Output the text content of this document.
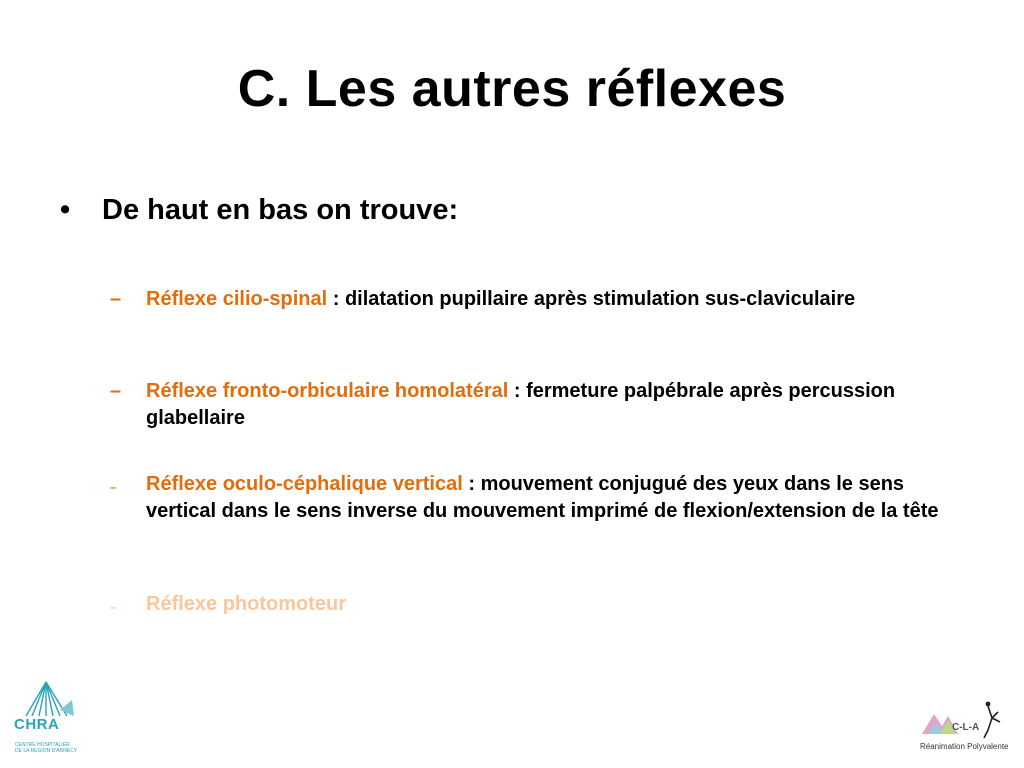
C. Les autres réflexes
• De haut en bas on trouve:
–	Réflexe cilio-spinal : dilatation pupillaire après stimulation sus-claviculaire
–	Réflexe fronto-orbiculaire homolatéral : fermeture palpébrale après percussion glabellaire
–	Réflexe oculo-céphalique vertical : mouvement conjugué des yeux dans le sens vertical dans le sens inverse du mouvement imprimé de flexion/extension de la tête
–	Réflexe photomoteur
CHRA
CENTRE HOSPITALIER
DE LA RÉGION D'ANNECY
C-L-A
Réanimation Polyvalente
